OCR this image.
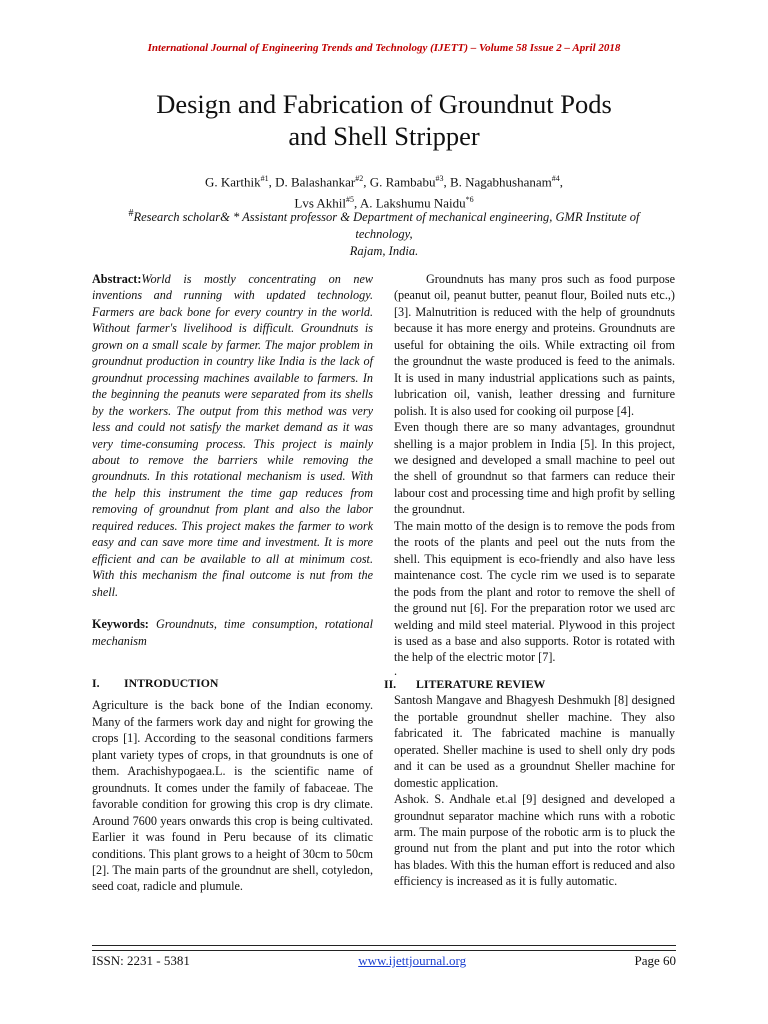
International Journal of Engineering Trends and Technology (IJETT) – Volume 58 Issue 2 – April 2018
Design and Fabrication of Groundnut Pods
and Shell Stripper
G. Karthik$^{\#1}$, D. Balashankar$^{\#2}$, G. Rambabu$^{\#3}$, B. Nagabhushanam$^{\#4}$,
Lvs Akhil$^{\#5}$, A. Lakshumu Naidu$^{*6}$
#Research scholar& * Assistant professor & Department of mechanical engineering, GMR Institute of
technology,
Rajam, India.

Abstract:World is mostly concentrating on new inventions and running with updated technology. Farmers are back bone for every country in the world. Without farmer's livelihood is difficult. Groundnuts is grown on a small scale by farmer. The major problem in groundnut production in country like India is the lack of groundnut processing machines available to farmers. In the beginning the peanuts were separated from its shells by the workers. The output from this method was very less and could not satisfy the market demand as it was very time-consuming process. This project is mainly about to remove the barriers while removing the groundnuts. In this rotational mechanism is used. With the help this instrument the time gap reduces from removing of groundnut from plant and also the labor required reduces. This project makes the farmer to work easy and can save more time and investment. It is more efficient and can be available to all at minimum cost. With this mechanism the final outcome is nut from the shell.

Keywords: Groundnuts, time consumption, rotational mechanism

I.	INTRODUCTION

Agriculture is the back bone of the Indian economy. Many of the farmers work day and night for growing the crops [1]. According to the seasonal conditions farmers plant variety types of crops, in that groundnuts is one of them. Arachishypogaea.L. is the scientific name of groundnuts. It comes under the family of fabaceae. The favorable condition for growing this crop is dry climate. Around 7600 years onwards this crop is being cultivated. Earlier it was found in Peru because of its climatic conditions. This plant grows to a height of 30cm to 50cm [2]. The main parts of the groundnut are shell, cotyledon, seed coat, radicle and plumule.

Groundnuts has many pros such as food purpose (peanut oil, peanut butter, peanut flour, Boiled nuts etc.,) [3]. Malnutrition is reduced with the help of groundnuts because it has more energy and proteins. Groundnuts are useful for obtaining the oils. While extracting oil from the groundnut the waste produced is feed to the animals. It is used in many industrial applications such as paints, lubrication oil, vanish, leather dressing and furniture polish. It is also used for cooking oil purpose [4].

Even though there are so many advantages, groundnut shelling is a major problem in India [5]. In this project, we designed and developed a small machine to peel out the shell of groundnut so that farmers can reduce their labour cost and processing time and high profit by selling the groundnut.

The main motto of the design is to remove the pods from the roots of the plants and peel out the nuts from the shell. This equipment is eco-friendly and also have less maintenance cost. The cycle rim we used is to separate the pods from the plant and rotor to remove the shell of the ground nut [6]. For the preparation rotor we used arc welding and mild steel material. Plywood in this project is used as a base and also supports. Rotor is rotated with the help of the electric motor [7].

.

II.	LITERATURE REVIEW

Santosh Mangave and Bhagyesh Deshmukh [8] designed the portable groundnut sheller machine. They also fabricated it. The fabricated machine is manually operated. Sheller machine is used to shell only dry pods and it can be used as a groundnut Sheller machine for domestic application.

Ashok. S. Andhale et.al [9] designed and developed a groundnut separator machine which runs with a robotic arm. The main purpose of the robotic arm is to pluck the ground nut from the plant and put into the rotor which has blades. With this the human effort is reduced and also efficiency is increased as it is fully automatic.

ISSN: 2231 - 5381	www.ijettjournal.org	Page 60
